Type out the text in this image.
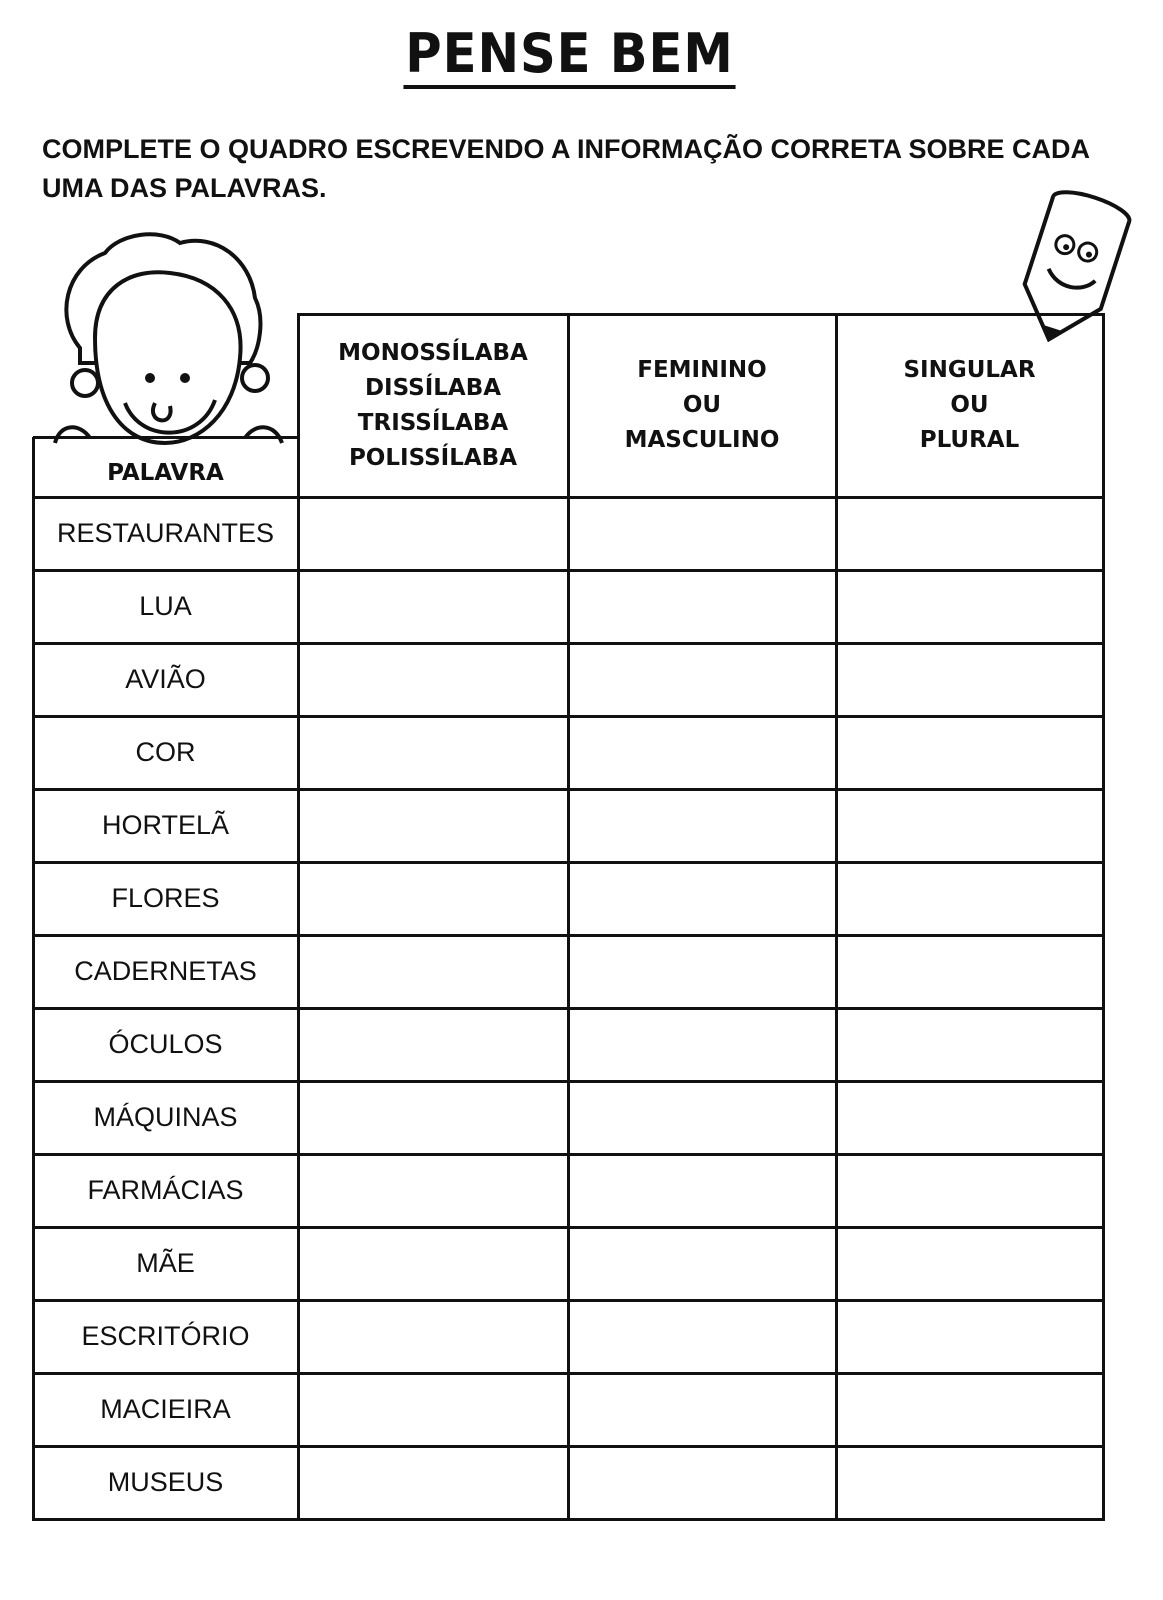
PENSE BEM
COMPLETE O QUADRO ESCREVENDO A INFORMAÇÃO CORRETA SOBRE CADA UMA DAS PALAVRAS.
PALAVRA
MONOSSÍLABA
DISSÍLABA
TRISSÍLABA
POLISSÍLABA
FEMININO
OU
MASCULINO
SINGULAR
OU
PLURAL
RESTAURANTES
LUA
AVIÃO
COR
HORTELÃ
FLORES
CADERNETAS
ÓCULOS
MÁQUINAS
FARMÁCIAS
MÃE
ESCRITÓRIO
MACIEIRA
MUSEUS
